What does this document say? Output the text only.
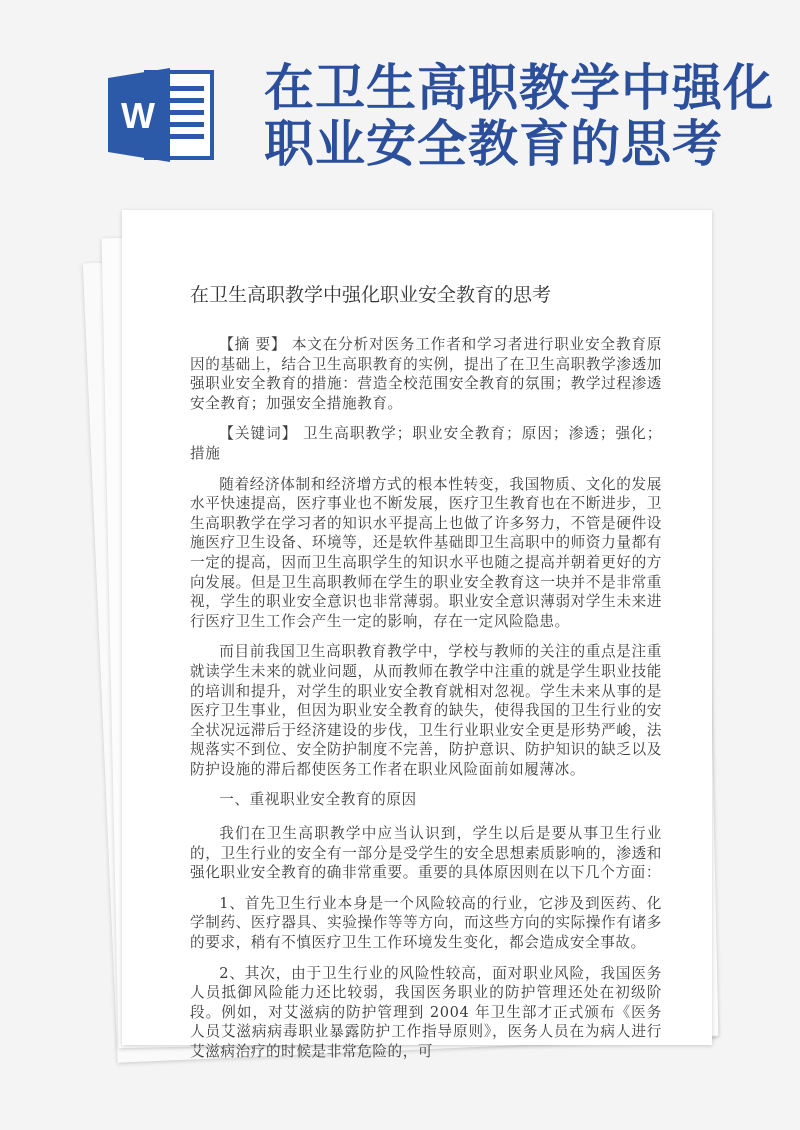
W 在卫生高职教学中强化
职业安全教育的思考
在卫生高职教学中强化职业安全教育的思考

【摘 要】 本文在分析对医务工作者和学习者进行职业安全教育原因的基础上，结合卫生高职教育的实例，提出了在卫生高职教学渗透加强职业安全教育的措施：营造全校范围安全教育的氛围；教学过程渗透安全教育；加强安全措施教育。

【关键词】 卫生高职教学；职业安全教育；原因；渗透；强化；措施

随着经济体制和经济增方式的根本性转变，我国物质、文化的发展水平快速提高，医疗事业也不断发展，医疗卫生教育也在不断进步，卫生高职教学在学习者的知识水平提高上也做了许多努力，不管是硬件设施医疗卫生设备、环境等，还是软件基础即卫生高职中的师资力量都有一定的提高，因而卫生高职学生的知识水平也随之提高并朝着更好的方向发展。但是卫生高职教师在学生的职业安全教育这一块并不是非常重视，学生的职业安全意识也非常薄弱。职业安全意识薄弱对学生未来进行医疗卫生工作会产生一定的影响，存在一定风险隐患。

而目前我国卫生高职教育教学中，学校与教师的关注的重点是注重就读学生未来的就业问题，从而教师在教学中注重的就是学生职业技能的培训和提升，对学生的职业安全教育就相对忽视。学生未来从事的是医疗卫生事业，但因为职业安全教育的缺失，使得我国的卫生行业的安全状况远滞后于经济建设的步伐，卫生行业职业安全更是形势严峻，法规落实不到位、安全防护制度不完善，防护意识、防护知识的缺乏以及防护设施的滞后都使医务工作者在职业风险面前如履薄冰。

一、重视职业安全教育的原因

我们在卫生高职教学中应当认识到，学生以后是要从事卫生行业的，卫生行业的安全有一部分是受学生的安全思想素质影响的，渗透和强化职业安全教育的确非常重要。重要的具体原因则在以下几个方面：

1、首先卫生行业本身是一个风险较高的行业，它涉及到医药、化学制药、医疗器具、实验操作等等方向，而这些方向的实际操作有诸多的要求，稍有不慎医疗卫生工作环境发生变化，都会造成安全事故。

2、其次，由于卫生行业的风险性较高，面对职业风险，我国医务人员抵御风险能力还比较弱，我国医务职业的防护管理还处在初级阶段。例如，对艾滋病的防护管理到 2004 年卫生部才正式颁布《医务人员艾滋病病毒职业暴露防护工作指导原则》，医务人员在为病人进行艾滋病治疗的时候是非常危险的，可
